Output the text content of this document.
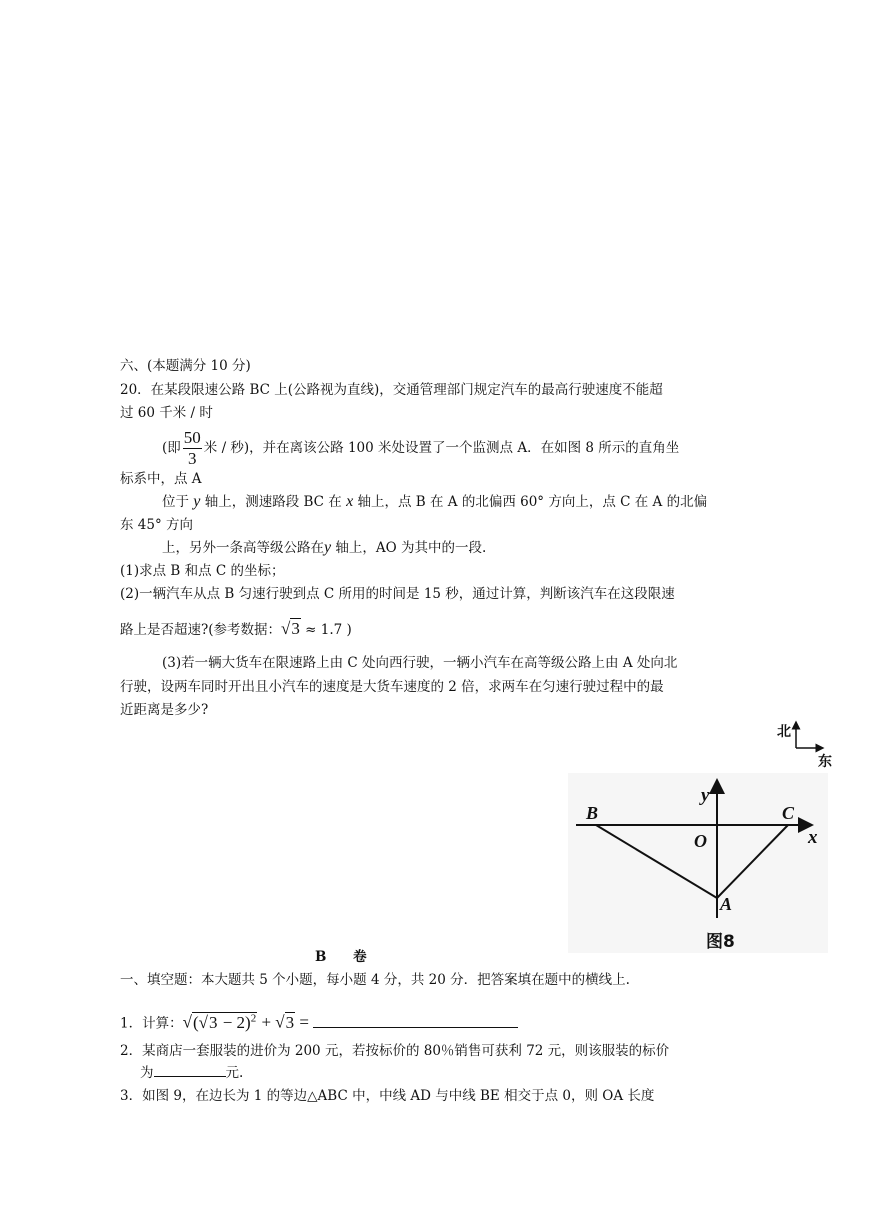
六、(本题满分 10 分)
20．在某段限速公路 BC 上(公路视为直线)，交通管理部门规定汽车的最高行驶速度不能超
过 60 千米 / 时
(即 $\frac{50}{3}$ 米 / 秒)，并在离该公路 100 米处设置了一个监测点 A．在如图 8 所示的直角坐
标系中，点 A
位于 y 轴上，测速路段 BC 在 x 轴上，点 B 在 A 的北偏西 60° 方向上，点 C 在 A 的北偏
东 45° 方向
上，另外一条高等级公路在y 轴上，AO 为其中的一段.
(1)求点 B 和点 C 的坐标；
(2)一辆汽车从点 B 匀速行驶到点 C 所用的时间是 15 秒，通过计算，判断该汽车在这段限速
路上是否超速?(参考数据：√3 ≈ 1.7 )
(3)若一辆大货车在限速路上由 C 处向西行驶，一辆小汽车在高等级公路上由 A 处向北
行驶，设两车同时开出且小汽车的速度是大货车速度的 2 倍，求两车在匀速行驶过程中的最
近距离是多少?
北
东
y
x
B	C
O
A
图8
B 卷
一、填空题：本大题共 5 个小题，每小题 4 分，共 20 分．把答案填在题中的横线上.
1．计算：$√(√3 - 2)^2 + √3$ =
2．某商店一套服装的进价为 200 元，若按标价的 80％销售可获利 72 元，则该服装的标价
为	元.
3．如图 9，在边长为 1 的等边△ABC 中，中线 AD 与中线 BE 相交于点 0，则 OA 长度
